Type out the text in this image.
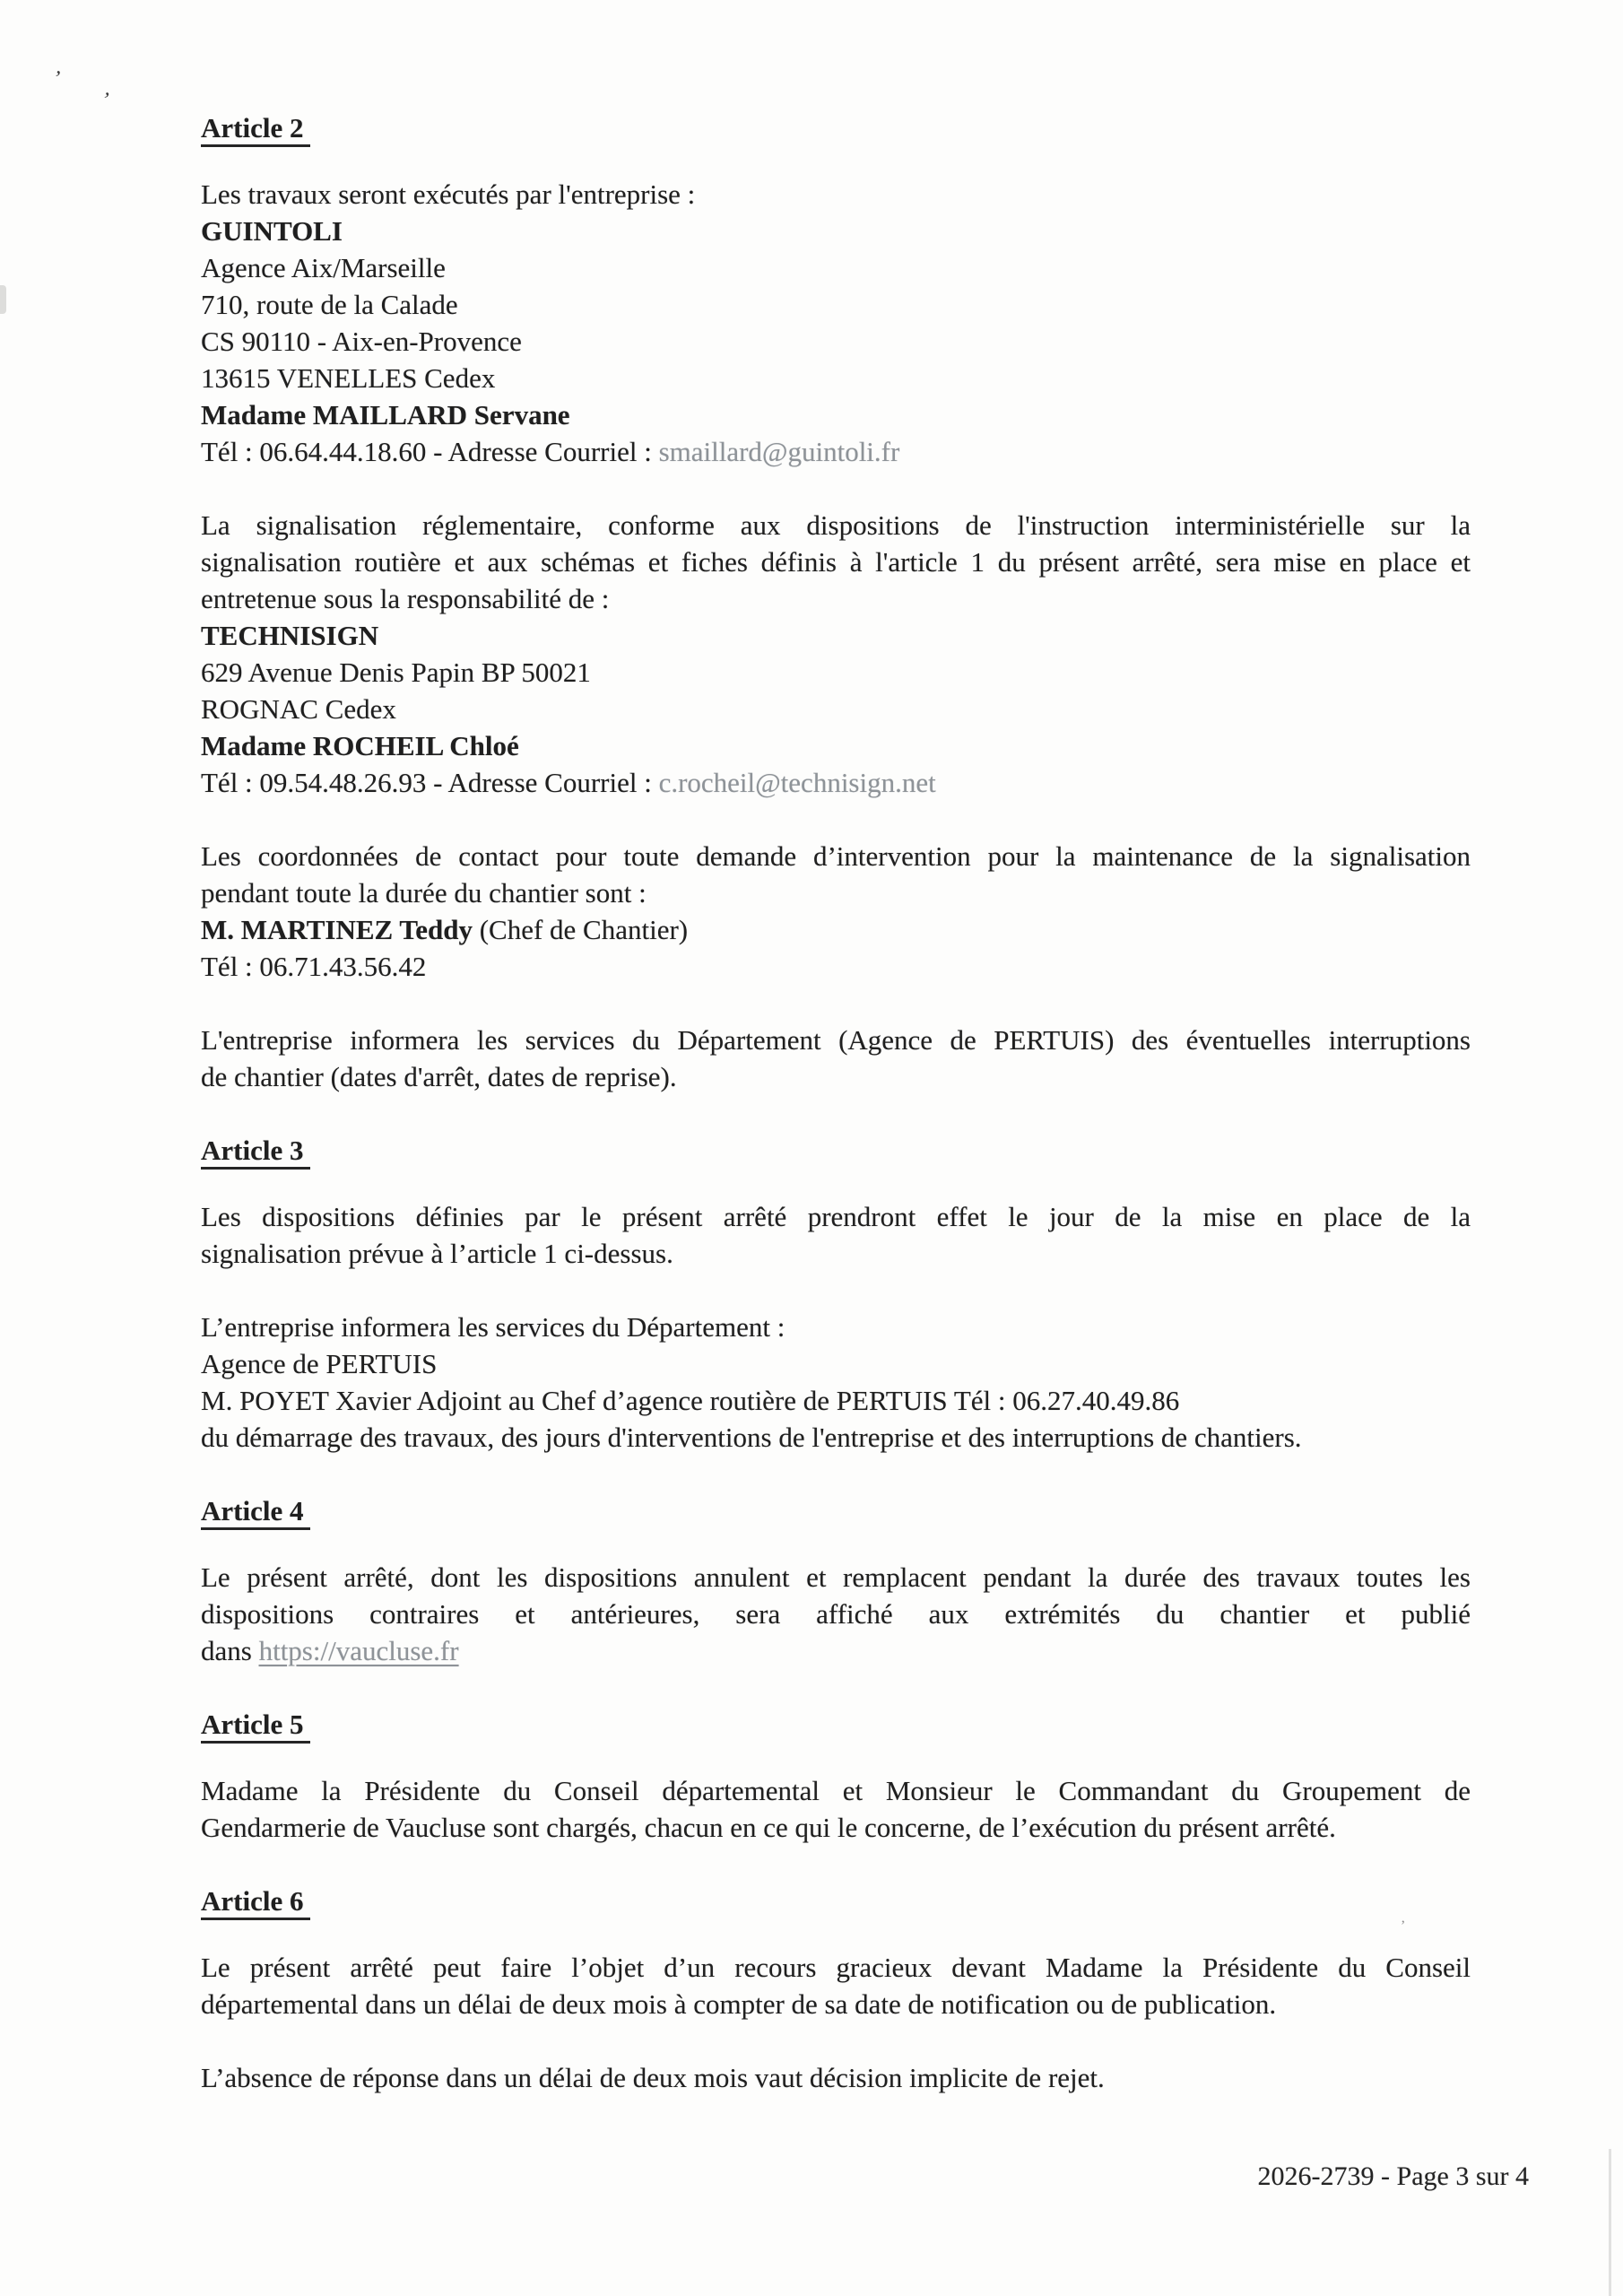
’
’
’
Article 2
Les travaux seront exécutés par l'entreprise :
GUINTOLI
Agence Aix/Marseille
710, route de la Calade
CS 90110 - Aix-en-Provence
13615 VENELLES Cedex
Madame MAILLARD Servane
Tél : 06.64.44.18.60 - Adresse Courriel : smaillard@guintoli.fr
La signalisation réglementaire, conforme aux dispositions de l'instruction interministérielle sur la
signalisation routière et aux schémas et fiches définis à l'article 1 du présent arrêté, sera mise en place et
entretenue sous la responsabilité de :
TECHNISIGN
629 Avenue Denis Papin BP 50021
ROGNAC Cedex
Madame ROCHEIL Chloé
Tél : 09.54.48.26.93 - Adresse Courriel : c.rocheil@technisign.net
Les coordonnées de contact pour toute demande d’intervention pour la maintenance de la signalisation
pendant toute la durée du chantier sont :
M. MARTINEZ Teddy (Chef de Chantier)
Tél : 06.71.43.56.42
L'entreprise informera les services du Département (Agence de PERTUIS) des éventuelles interruptions
de chantier (dates d'arrêt, dates de reprise).
Article 3
Les dispositions définies par le présent arrêté prendront effet le jour de la mise en place de la
signalisation prévue à l’article 1 ci-dessus.
L’entreprise informera les services du Département :
Agence de PERTUIS
M. POYET Xavier Adjoint au Chef d’agence routière de PERTUIS Tél : 06.27.40.49.86
du démarrage des travaux, des jours d'interventions de l'entreprise et des interruptions de chantiers.
Article 4
Le présent arrêté, dont les dispositions annulent et remplacent pendant la durée des travaux toutes les
dispositions contraires et antérieures, sera affiché aux extrémités du chantier et publié
dans https://vaucluse.fr
Article 5
Madame la Présidente du Conseil départemental et Monsieur le Commandant du Groupement de
Gendarmerie de Vaucluse sont chargés, chacun en ce qui le concerne, de l’exécution du présent arrêté.
Article 6
Le présent arrêté peut faire l’objet d’un recours gracieux devant Madame la Présidente du Conseil
départemental dans un délai de deux mois à compter de sa date de notification ou de publication.
L’absence de réponse dans un délai de deux mois vaut décision implicite de rejet.
2026-2739 - Page 3 sur 4
